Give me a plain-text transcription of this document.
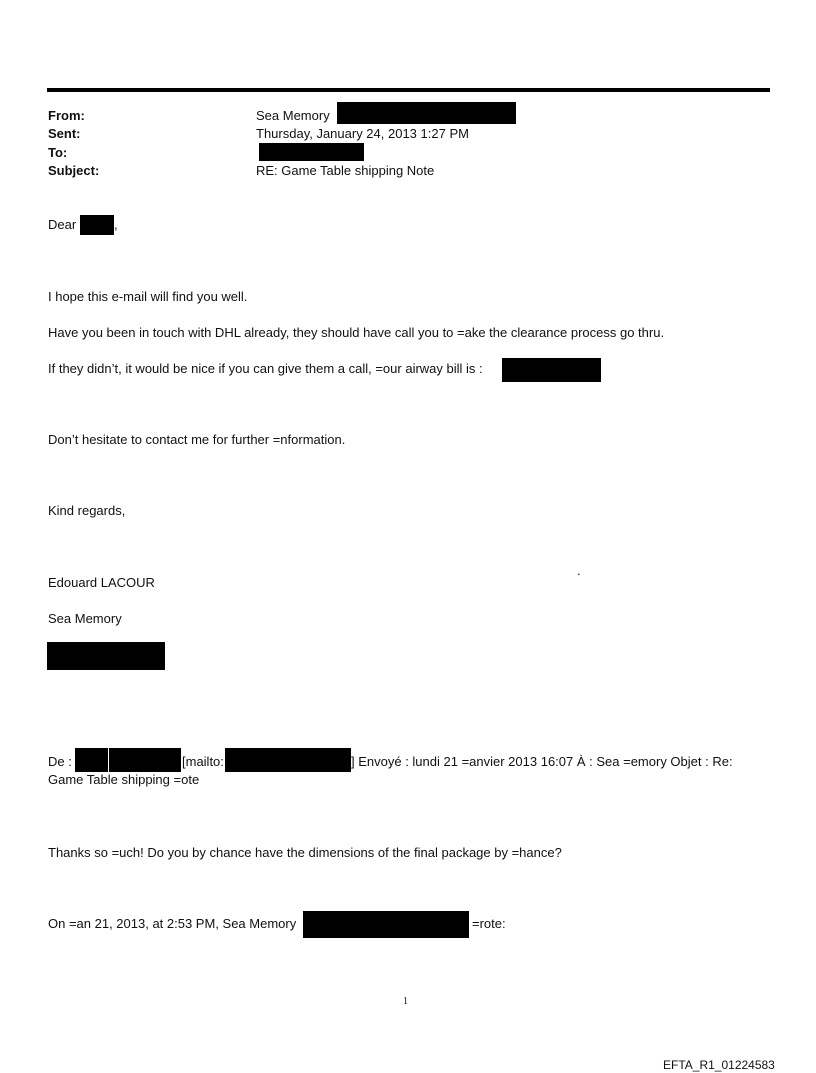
From:	Sea Memory
Sent:	Thursday, January 24, 2013 1:27 PM
To:
Subject:	RE: Game Table shipping Note
Dear	,
I hope this e-mail will find you well.
Have you been in touch with DHL already, they should have call you to =ake the clearance process go thru.
If they didn’t, it would be nice if you can give them a call, =our airway bill is :
Don’t hesitate to contact me for further =nformation.
Kind regards,
.
Edouard LACOUR
Sea Memory
De :	[mailto:	] Envoyé : lundi 21 =anvier 2013 16:07 À : Sea =emory Objet : Re:
Game Table shipping =ote
Thanks so =uch! Do you by chance have the dimensions of the final package by =hance?
On =an 21, 2013, at 2:53 PM, Sea Memory	=rote:
1
EFTA_R1_01224583
